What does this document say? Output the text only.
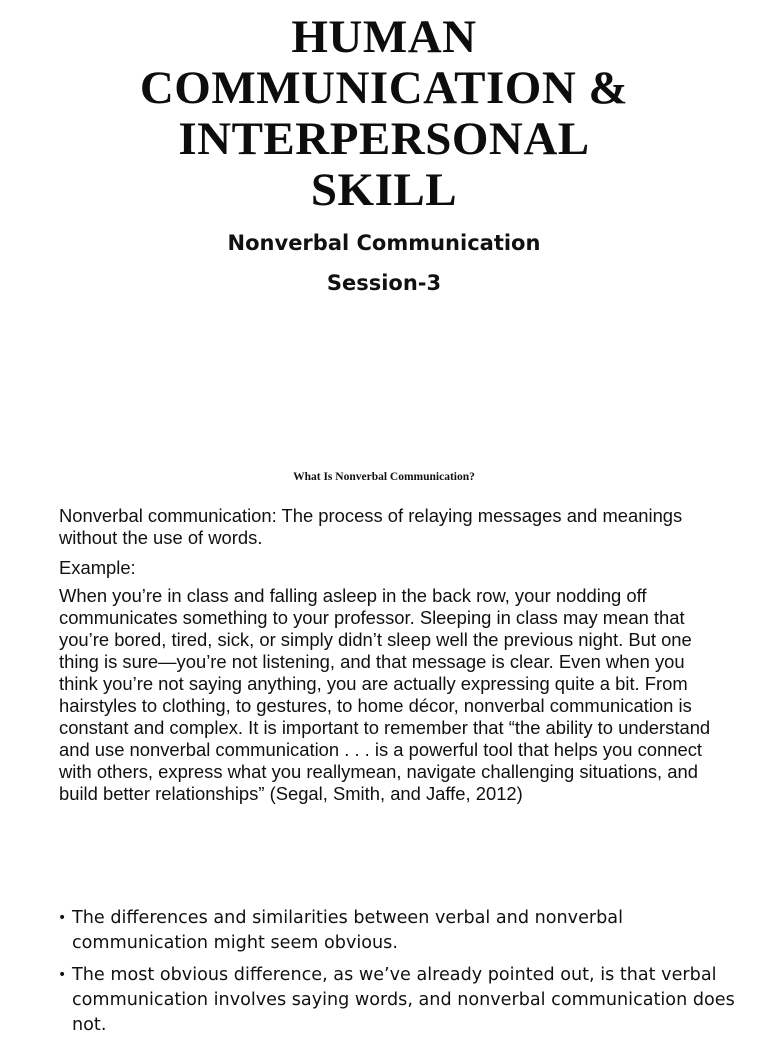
HUMAN
COMMUNICATION &
INTERPERSONAL
SKILL
Nonverbal Communication
Session-3
What Is Nonverbal Communication?

Nonverbal communication: The process of relaying messages and meanings without the use of words.

Example:

When you’re in class and falling asleep in the back row, your nodding off communicates something to your professor. Sleeping in class may mean that you’re bored, tired, sick, or simply didn’t sleep well the previous night. But one thing is sure—you’re not listening, and that message is clear. Even when you think you’re not saying anything, you are actually expressing quite a bit. From hairstyles to clothing, to gestures, to home décor, nonverbal communication is constant and complex. It is important to remember that “the ability to understand and use nonverbal communication . . . is a powerful tool that helps you connect with others, express what you reallymean, navigate challenging situations, and build better relationships” (Segal, Smith, and Jaffe, 2012)

• The differences and similarities between verbal and nonverbal communication might seem obvious.
• The most obvious difference, as we’ve already pointed out, is that verbal communication involves saying words, and nonverbal communication does not.
